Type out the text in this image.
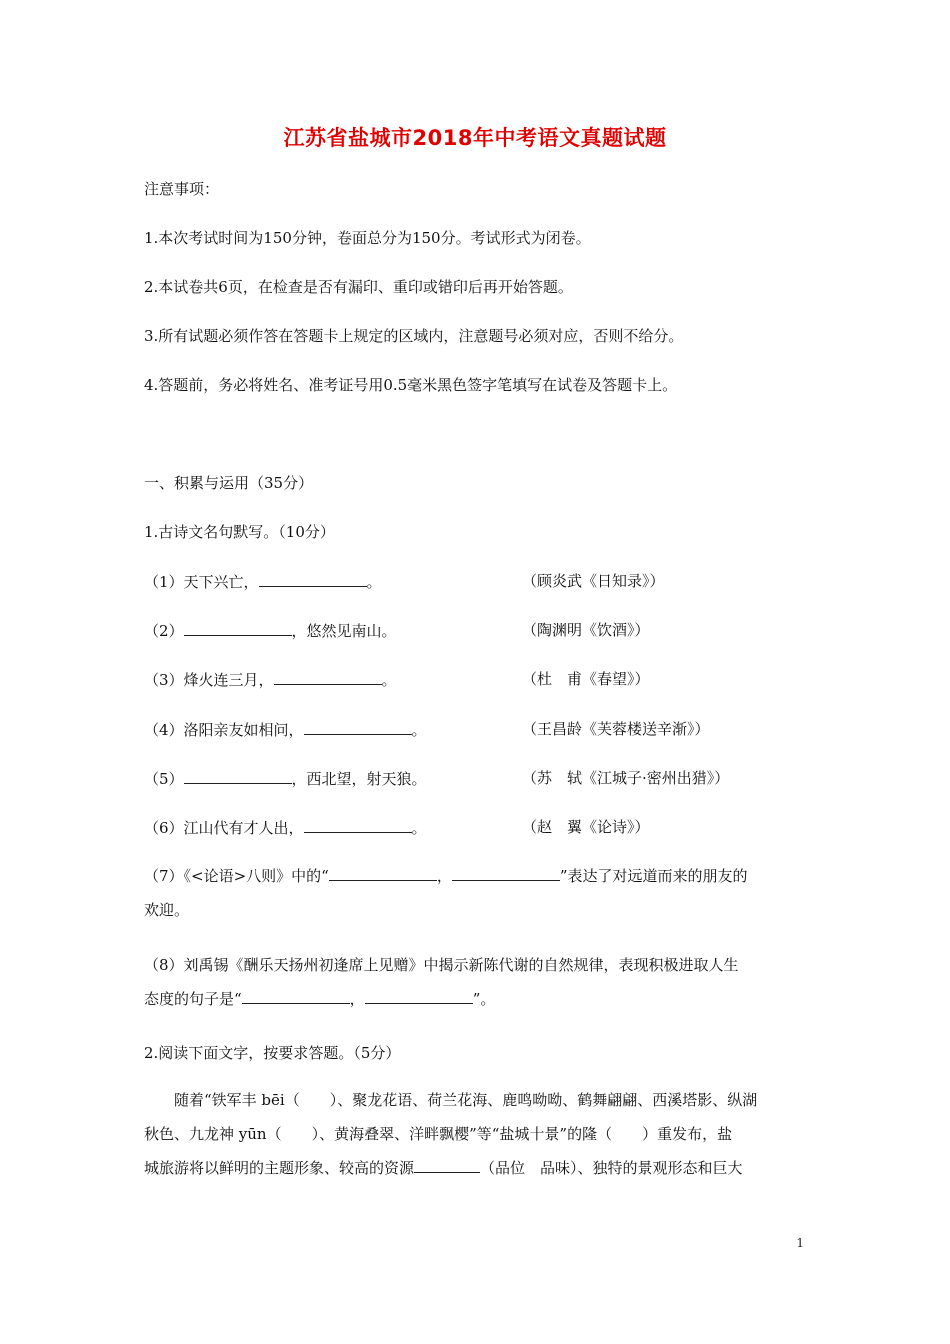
江苏省盐城市2018年中考语文真题试题
注意事项：
1.本次考试时间为150分钟，卷面总分为150分。考试形式为闭卷。
2.本试卷共6页，在检查是否有漏印、重印或错印后再开始答题。
3.所有试题必须作答在答题卡上规定的区域内，注意题号必须对应，否则不给分。
4.答题前，务必将姓名、准考证号用0.5毫米黑色签字笔填写在试卷及答题卡上。
一、积累与运用（35分）
1.古诗文名句默写。（10分）
（1）天下兴亡，	。	（顾炎武《日知录》）
（2）	，悠然见南山。	（陶渊明《饮酒》）
（3）烽火连三月，	。	（杜　甫《春望》）
（4）洛阳亲友如相问，	。	（王昌龄《芙蓉楼送辛渐》）
（5）	，西北望，射天狼。	（苏　轼《江城子·密州出猎》）
（6）江山代有才人出，	。	（赵　翼《论诗》）
（7）《<论语>八则》中的“	，	”表达了对远道而来的朋友的
欢迎。
（8）刘禹锡《酬乐天扬州初逢席上见赠》中揭示新陈代谢的自然规律，表现积极进取人生
态度的句子是“	，	”。
2.阅读下面文字，按要求答题。（5分）
随着“铁军丰 bēi（　　）、聚龙花语、荷兰花海、鹿鸣呦呦、鹤舞翩翩、西溪塔影、纵湖
秋色、九龙神 yūn（　　）、黄海叠翠、洋畔飘樱”等“盐城十景”的隆（　　）重发布，盐
城旅游将以鲜明的主题形象、较高的资源	（品位　品味）、独特的景观形态和巨大
1
